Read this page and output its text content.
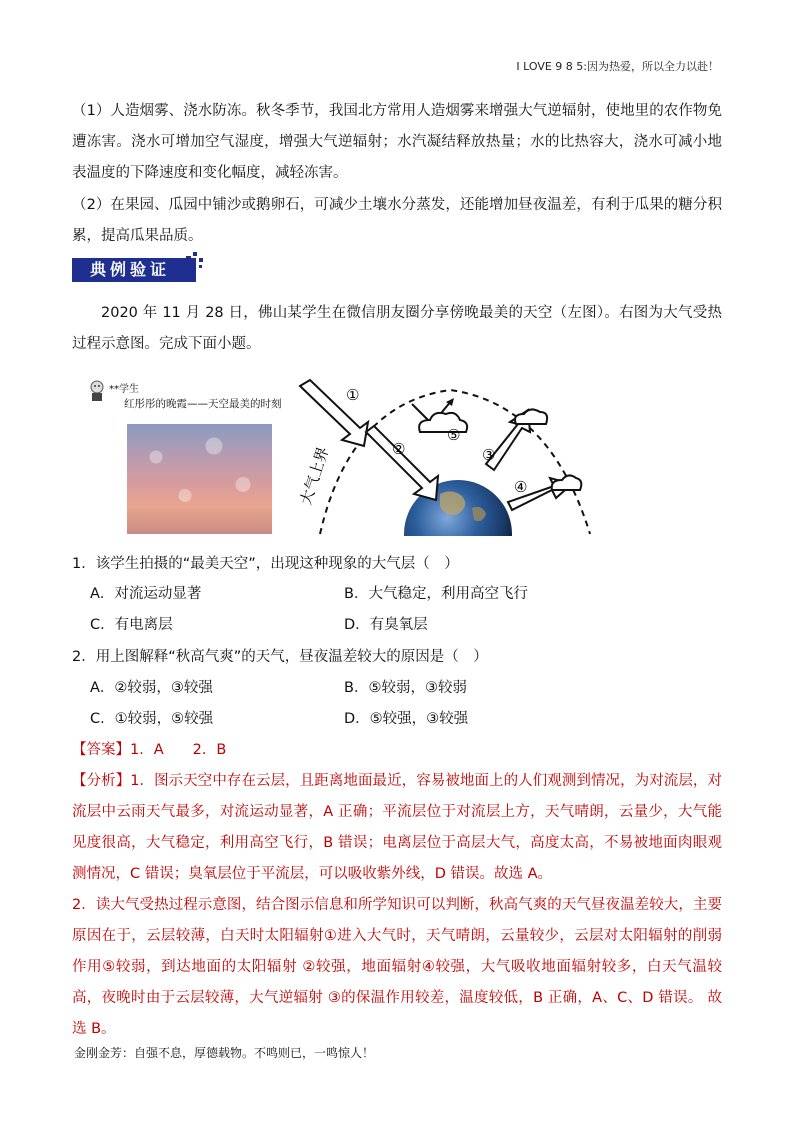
I LOVE 9 8 5:因为热爱，所以全力以赴！
（1）人造烟雾、浇水防冻。秋冬季节，我国北方常用人造烟雾来增强大气逆辐射，使地里的农作物免遭冻害。浇水可增加空气湿度，增强大气逆辐射；水汽凝结释放热量；水的比热容大，浇水可减小地表温度的下降速度和变化幅度，减轻冻害。
（2）在果园、瓜园中铺沙或鹅卵石，可减少土壤水分蒸发，还能增加昼夜温差，有利于瓜果的糖分积累，提高瓜果品质。
典例验证
2020 年 11 月 28 日，佛山某学生在微信朋友圈分享傍晚最美的天空（左图）。右图为大气受热过程示意图。完成下面小题。
**学生
红彤彤的晚霞——天空最美的时刻
大气上界
①
②	③
④
⑤
1．该学生拍摄的“最美天空”，出现这种现象的大气层（　）
A．对流运动显著	B．大气稳定，利用高空飞行
C．有电离层	D．有臭氧层
2．用上图解释“秋高气爽”的天气，昼夜温差较大的原因是（　）
A．②较弱，③较强	B．⑤较弱，③较弱
C．①较弱，⑤较强	D．⑤较强，③较强
【答案】1．A　　2．B
【分析】1．图示天空中存在云层，且距离地面最近，容易被地面上的人们观测到情况，为对流层，对流层中云雨天气最多，对流运动显著，A 正确；平流层位于对流层上方，天气晴朗，云量少，大气能见度很高，大气稳定，利用高空飞行，B 错误；电离层位于高层大气，高度太高，不易被地面肉眼观测情况，C 错误；臭氧层位于平流层，可以吸收紫外线，D 错误。故选 A。
2．读大气受热过程示意图，结合图示信息和所学知识可以判断，秋高气爽的天气昼夜温差较大，主要原因在于，云层较薄，白天时太阳辐射①进入大气时，天气晴朗，云量较少，云层对太阳辐射的削弱作用⑤较弱，到达地面的太阳辐射 ②较强，地面辐射④较强，大气吸收地面辐射较多，白天气温较高，夜晚时由于云层较薄，大气逆辐射 ③的保温作用较差，温度较低，B 正确，A、C、D 错误。 故选 B。
金刚金芳：自强不息，厚德载物。不鸣则已，一鸣惊人！
